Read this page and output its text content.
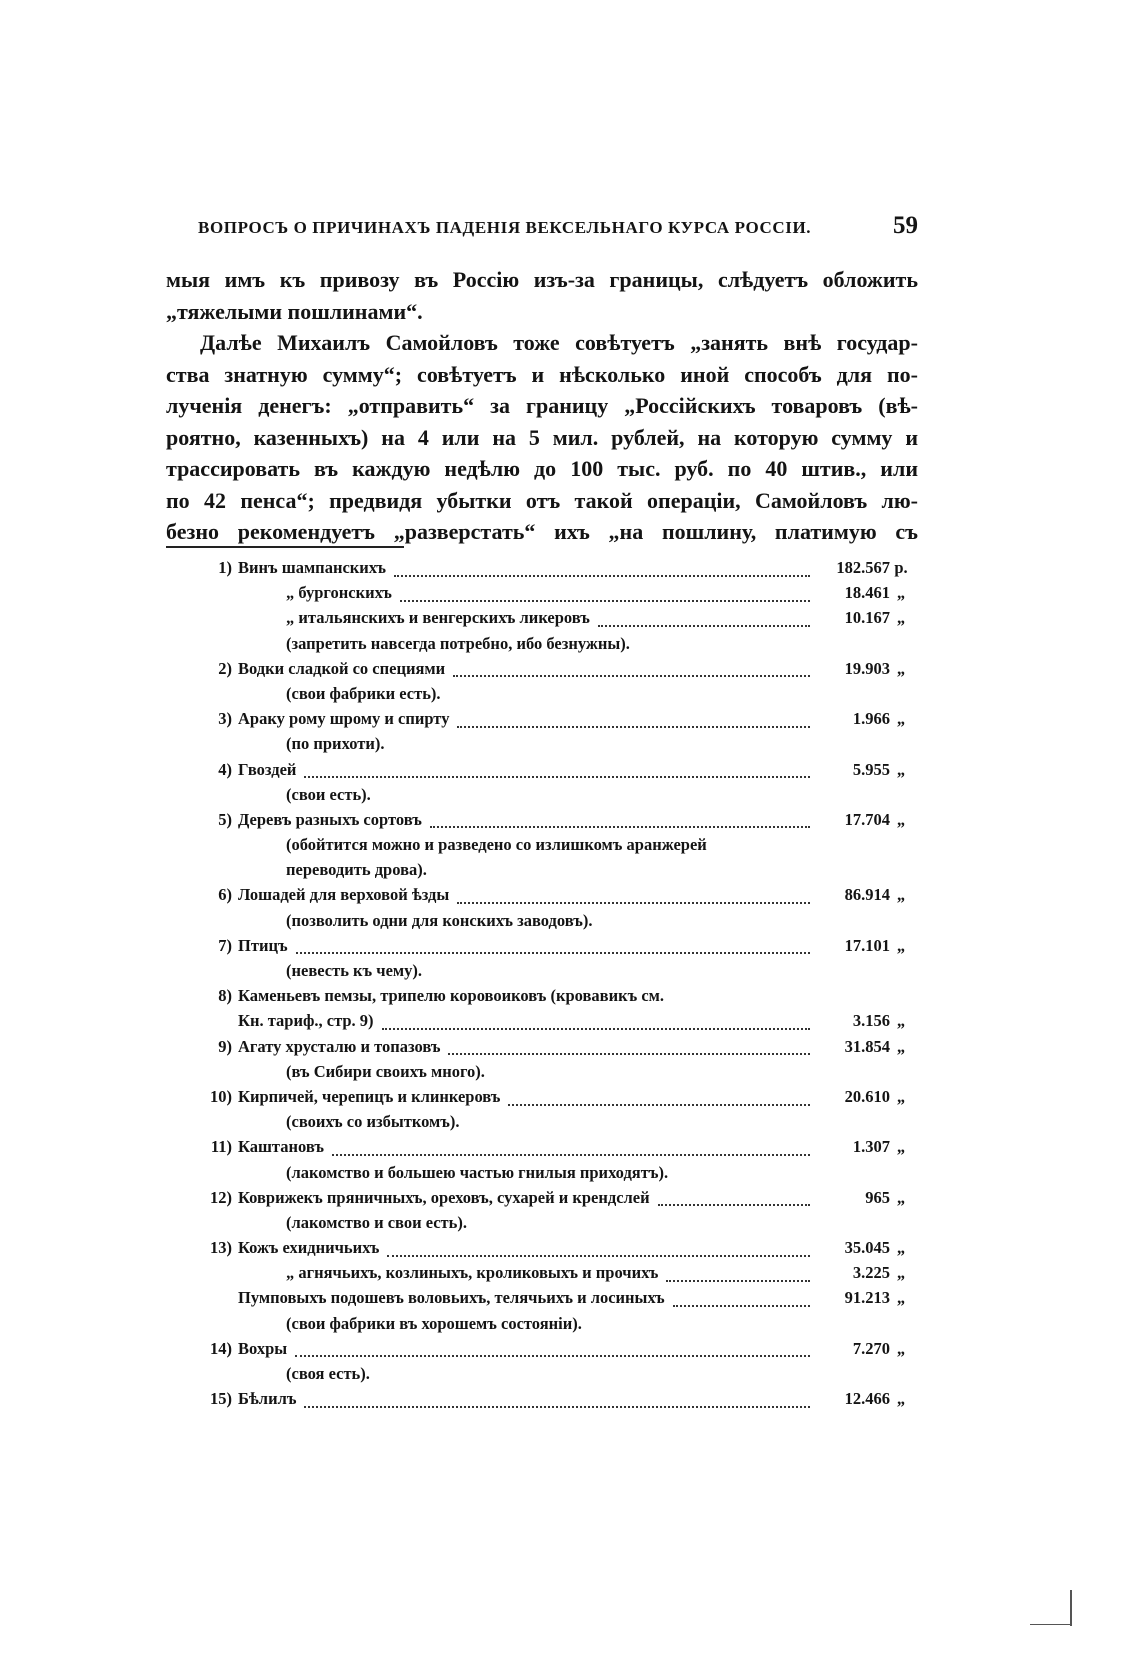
ВОПРОСЪ О ПРИЧИНАХЪ ПАДЕНІЯ ВЕКСЕЛЬНАГО КУРСА РОССІИ.	59
мыя имъ къ привозу въ Россію изъ-за границы, слѣдуетъ обложить
„тяжелыми пошлинами“.
Далѣе Михаилъ Самойловъ тоже совѣтуетъ „занять внѣ государ-
ства знатную сумму“; совѣтуетъ и нѣсколько иной способъ для по-
лученія денегъ: „отправить“ за границу „Россійскихъ товаровъ (вѣ-
роятно, казенныхъ) на 4 или на 5 мил. рублей, на которую сумму и
трассировать въ каждую недѣлю до 100 тыс. руб. по 40 штив., или
по 42 пенса“; предвидя убытки отъ такой операціи, Самойловъ лю-
безно рекомендуетъ „разверстать“ ихъ „на пошлину, платимую съ
1) Винъ шампанскихъ	182.567 р.
„ бургонскихъ	18.461 „
„ итальянскихъ и венгерскихъ ликеровъ	10.167 „
(запретить навсегда потребно, ибо безнужны).
2) Водки сладкой со специями	19.903 „
(свои фабрики есть).
3) Араку рому шрому и спирту	1.966 „
(по прихоти).
4) Гвоздей	5.955 „
(свои есть).
5) Деревъ разныхъ сортовъ	17.704 „
(обойтится можно и разведено со излишкомъ аранжерей
переводить дрова).
6) Лошадей для верховой ѣзды	86.914 „
(позволить одни для конскихъ заводовъ).
7) Птицъ	17.101 „
(невесть къ чему).
8) Каменьевъ пемзы, трипелю коровоиковъ (кровавикъ см.
Кн. тариф., стр. 9)	3.156 „
9) Агату хрусталю и топазовъ	31.854 „
(въ Сибири своихъ много).
10) Кирпичей, черепицъ и клинкеровъ	20.610 „
(своихъ со избыткомъ).
11) Каштановъ	1.307 „
(лакомство и большею частью гнилыя приходятъ).
12) Коврижекъ пряничныхъ, ореховъ, сухарей и крендслей	965 „
(лакомство и свои есть).
13) Кожъ ехидничьихъ	35.045 „
„ агнячьихъ, козлиныхъ, кроликовыхъ и прочихъ	3.225 „
Пумповыхъ подошевъ воловьихъ, телячьихъ и лосиныхъ	91.213 „
(свои фабрики въ хорошемъ состоянiи).
14) Вохры	7.270 „
(своя есть).
15) Бѣлилъ	12.466 „
